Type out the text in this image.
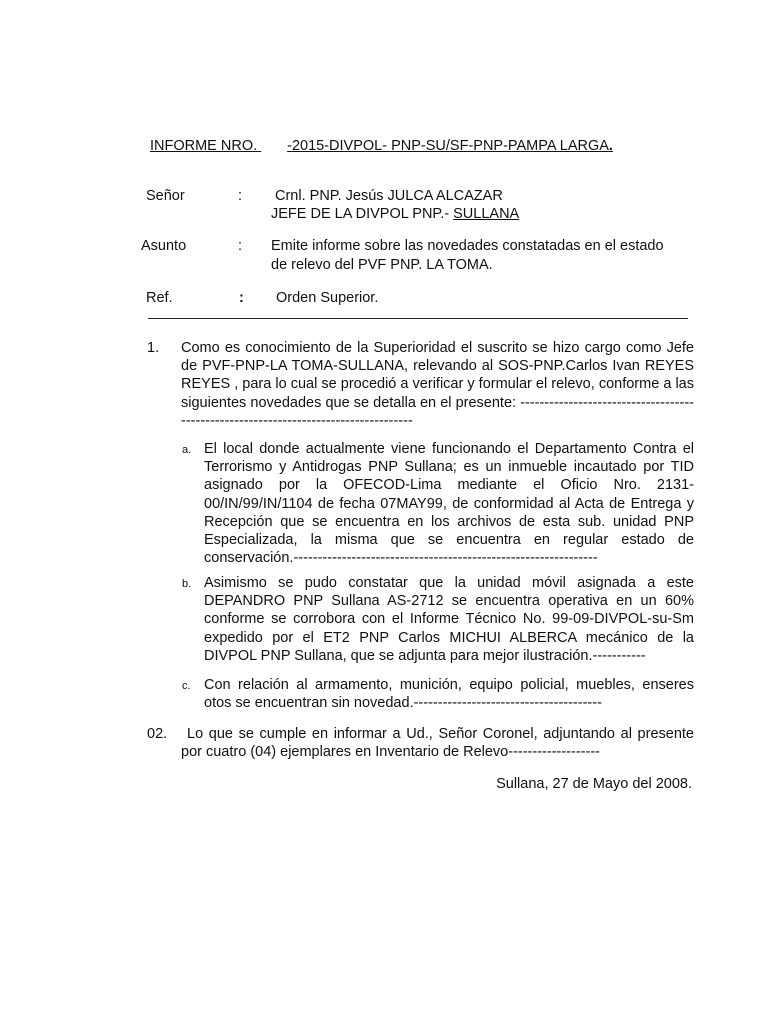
INFORME NRO. -2015-DIVPOL- PNP-SU/SF-PNP-PAMPA LARGA.
Señor	: Crnl. PNP. Jesús JULCA ALCAZAR
JEFE DE LA DIVPOL PNP.- SULLANA
Asunto	: Emite informe sobre las novedades constatadas en el estado
de relevo del PVF PNP. LA TOMA.
Ref.	: Orden Superior.
1. Como es conocimiento de la Superioridad el suscrito se hizo cargo como Jefe de PVF-PNP-LA TOMA-SULLANA, relevando al SOS-PNP.Carlos Ivan REYES REYES , para lo cual se procedió a verificar y formular el relevo, conforme a las siguientes novedades que se detalla en el presente: ------------------------------------------------------------------------------------
a. El local donde actualmente viene funcionando el Departamento Contra el Terrorismo y Antidrogas PNP Sullana; es un inmueble incautado por TID asignado por la OFECOD-Lima mediante el Oficio Nro. 2131-00/IN/99/IN/1104 de fecha 07MAY99, de conformidad al Acta de Entrega y Recepción que se encuentra en los archivos de esta sub. unidad PNP Especializada, la misma que se encuentra en regular estado de conservación.---------------------------------------------------------------
b. Asimismo se pudo constatar que la unidad móvil asignada a este DEPANDRO PNP Sullana AS-2712 se encuentra operativa en un 60% conforme se corrobora con el Informe Técnico No. 99-09-DIVPOL-su-Sm expedido por el ET2 PNP Carlos MICHUI ALBERCA mecánico de la DIVPOL PNP Sullana, que se adjunta para mejor ilustración.-----------
c. Con relación al armamento, munición, equipo policial, muebles, enseres otos se encuentran sin novedad.---------------------------------------
02.	Lo que se cumple en informar a Ud., Señor Coronel, adjuntando al presente por cuatro (04) ejemplares en Inventario de Relevo-------------------
Sullana, 27 de Mayo del 2008.
